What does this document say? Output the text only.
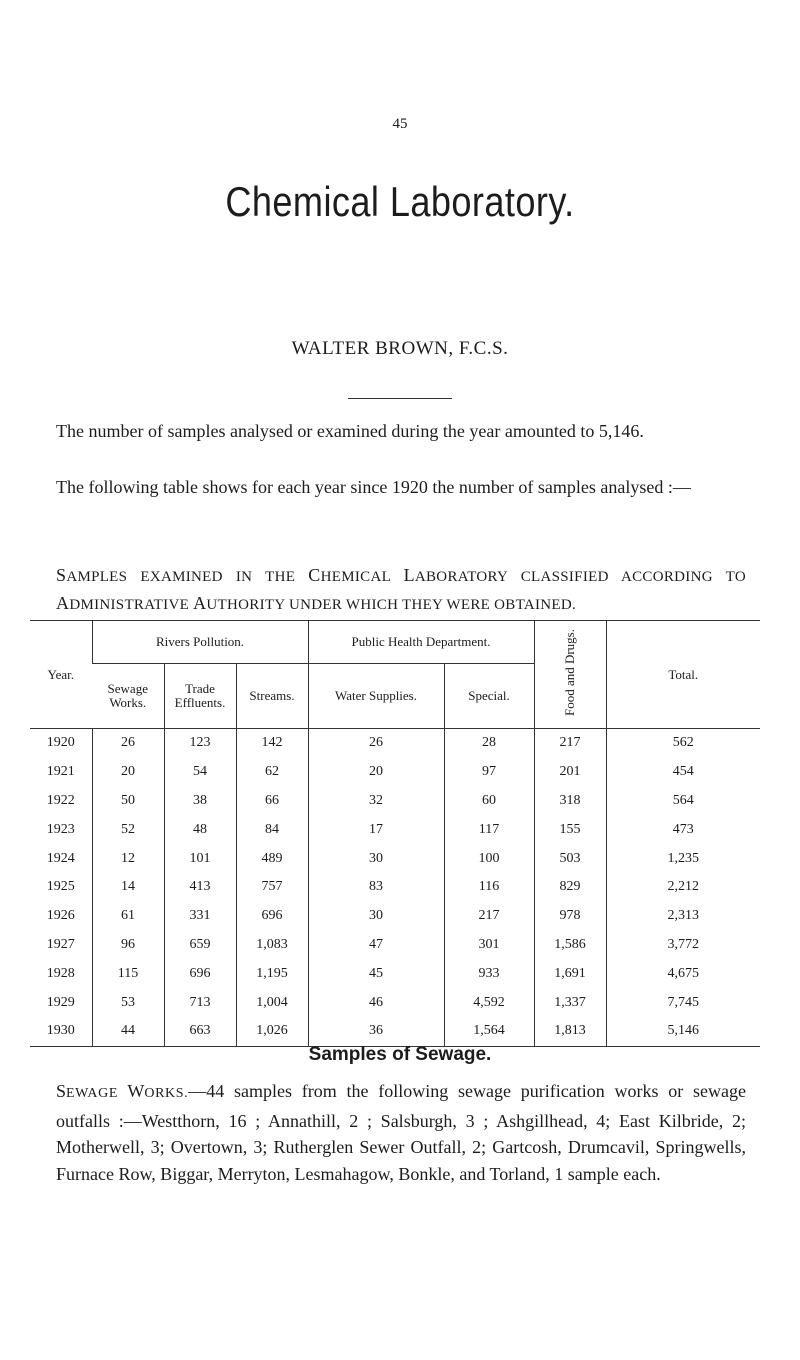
45
Chemical Laboratory.
WALTER BROWN, F.C.S.

The number of samples analysed or examined during the year amounted to 5,146.

The following table shows for each year since 1920 the number of samples analysed :—

SAMPLES EXAMINED IN THE CHEMICAL LABORATORY CLASSIFIED ACCORDING TO ADMINISTRATIVE AUTHORITY UNDER WHICH THEY WERE OBTAINED.

Year.	Rivers Pollution.			Public Health Department.		Food and Drugs.	Total.
	Sewage Works.	Trade Effluents.	Streams.	Water Supplies.	Special.		
1920	26	123	142	26	28	217	562
1921	20	54	62	20	97	201	454
1922	50	38	66	32	60	318	564
1923	52	48	84	17	117	155	473
1924	12	101	489	30	100	503	1,235
1925	14	413	757	83	116	829	2,212
1926	61	331	696	30	217	978	2,313
1927	96	659	1,083	47	301	1,586	3,772
1928	115	696	1,195	45	933	1,691	4,675
1929	53	713	1,004	46	4,592	1,337	7,745
1930	44	663	1,026	36	1,564	1,813	5,146
Samples of Sewage.

SEWAGE WORKS.—44 samples from the following sewage purification works or sewage outfalls :—Westthorn, 16 ; Annathill, 2 ; Salsburgh, 3 ; Ashgillhead, 4; East Kilbride, 2; Motherwell, 3; Overtown, 3; Rutherglen Sewer Outfall, 2; Gartcosh, Drumcavil, Springwells, Furnace Row, Biggar, Merryton, Lesmahagow, Bonkle, and Torland, 1 sample each.
